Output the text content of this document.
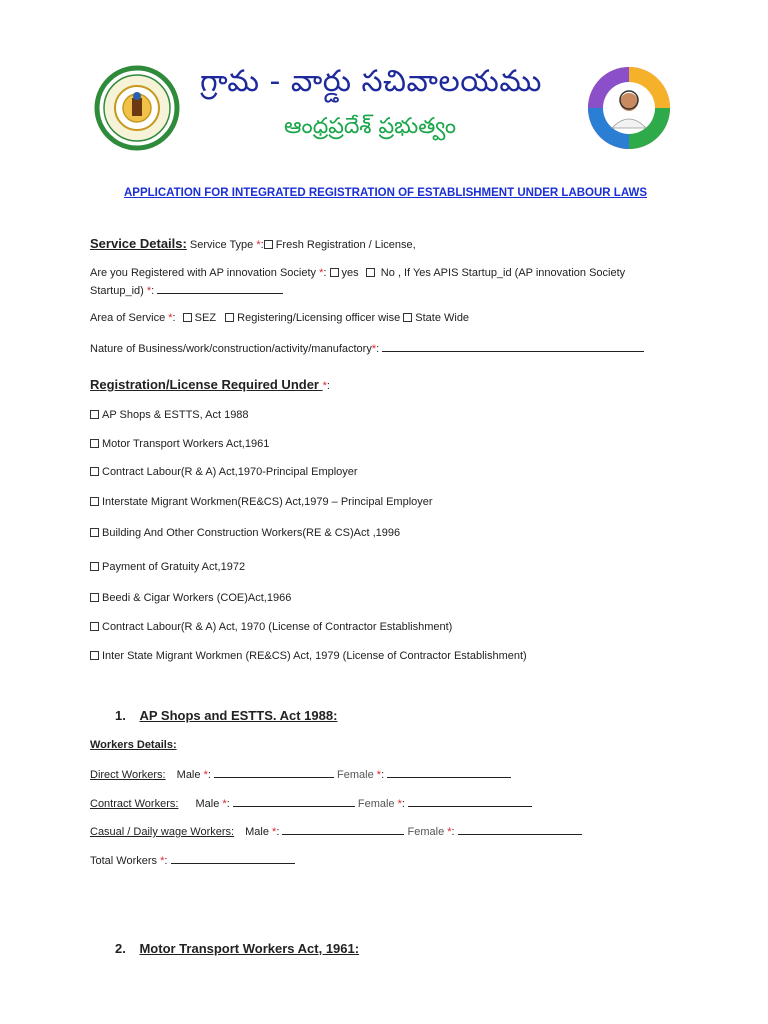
గ్రామ - వార్డు సచివాలయము
ఆంధ్రప్రదేశ్ ప్రభుత్వం
APPLICATION FOR INTEGRATED REGISTRATION OF ESTABLISHMENT UNDER LABOUR LAWS
Service Details: Service Type *: Fresh Registration / License,
Are you Registered with AP innovation Society *: yes No , If Yes APIS Startup_id (AP innovation Society
Startup_id) *:
Area of Service *: SEZ Registering/Licensing officer wise State Wide
Nature of Business/work/construction/activity/manufactory*:
Registration/License Required Under *:
AP Shops & ESTTS, Act 1988
Motor Transport Workers Act,1961
Contract Labour(R & A) Act,1970-Principal Employer
Interstate Migrant Workmen(RE&CS) Act,1979 – Principal Employer
Building And Other Construction Workers(RE & CS)Act ,1996
Payment of Gratuity Act,1972
Beedi & Cigar Workers (COE)Act,1966
Contract Labour(R & A) Act, 1970 (License of Contractor Establishment)
Inter State Migrant Workmen (RE&CS) Act, 1979 (License of Contractor Establishment)
1. AP Shops and ESTTS. Act 1988:
Workers Details:
Direct Workers: Male *:	Female *:
Contract Workers: Male *:	Female *:
Casual / Daily wage Workers: Male *:	Female *:
Total Workers *:
2. Motor Transport Workers Act, 1961:
